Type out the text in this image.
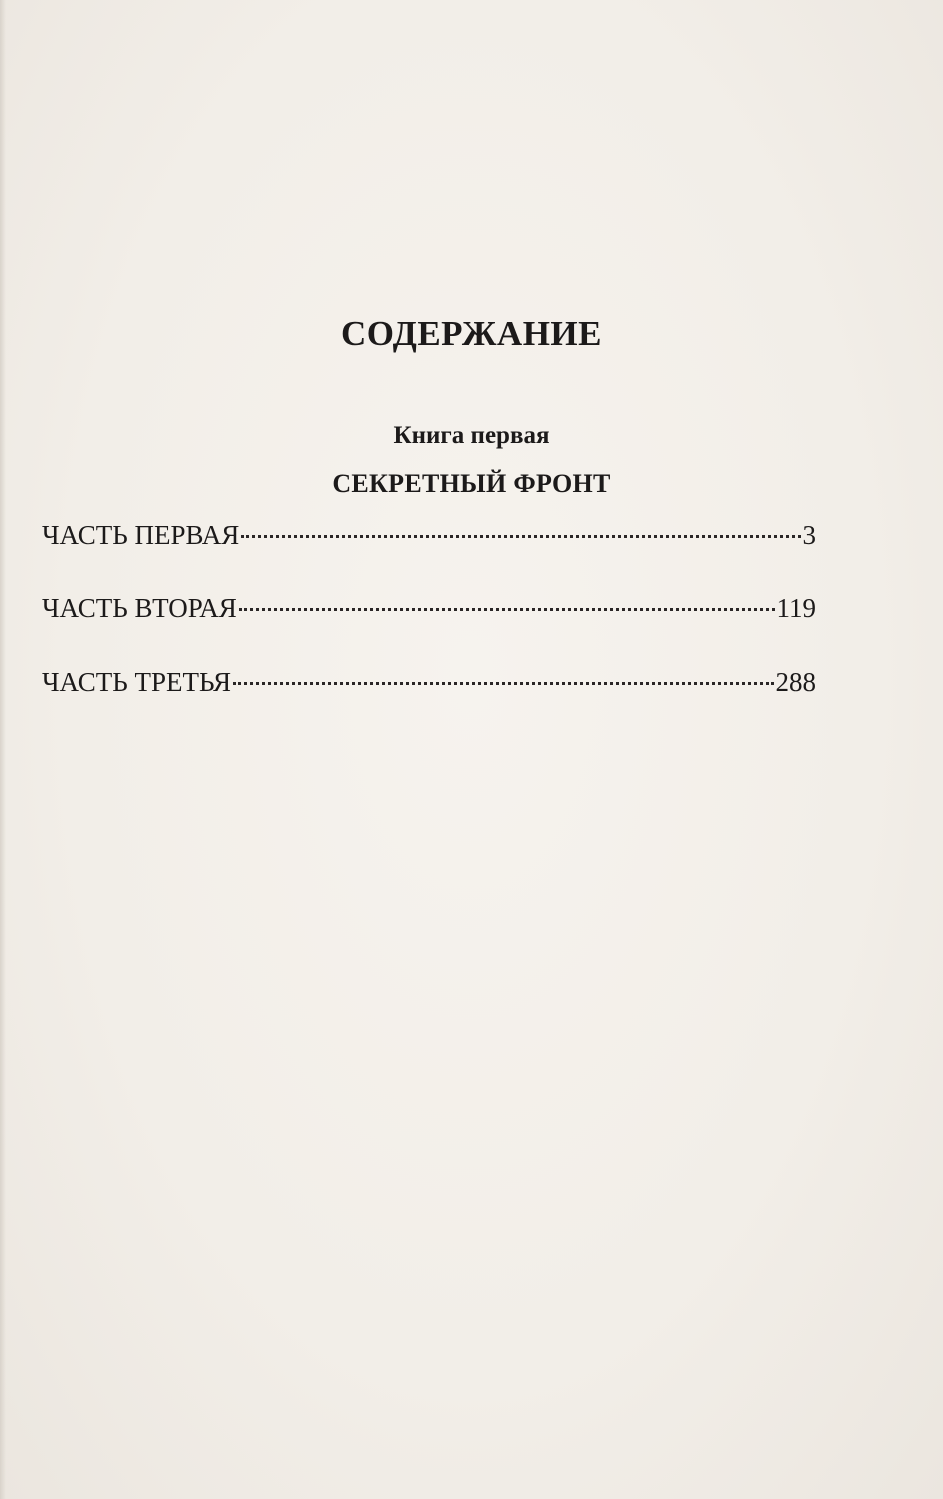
СОДЕРЖАНИЕ
Книга первая
СЕКРЕТНЫЙ ФРОНТ
ЧАСТЬ ПЕРВАЯ	3
ЧАСТЬ ВТОРАЯ	119
ЧАСТЬ ТРЕТЬЯ	288
